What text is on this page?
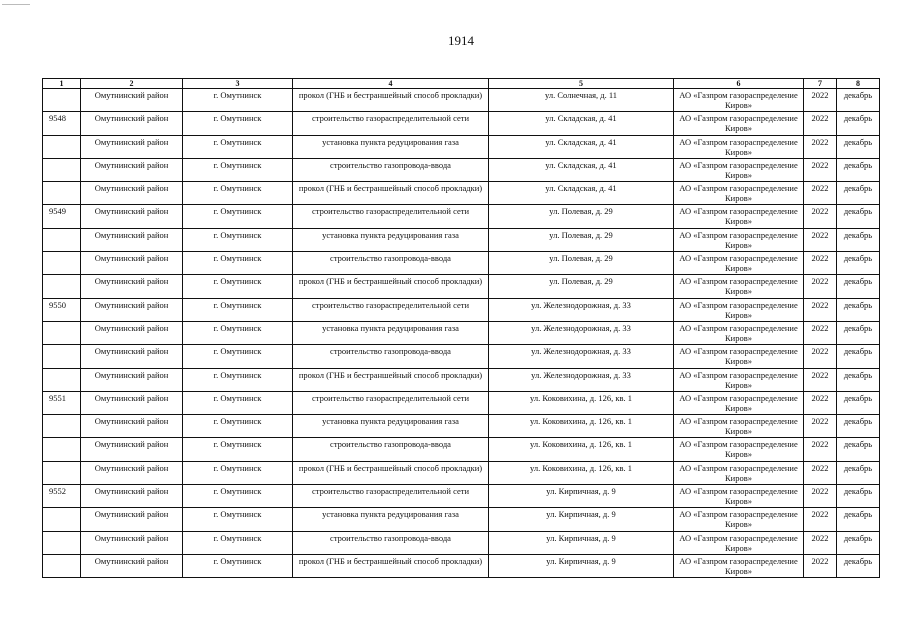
1914
1	2	3	4	5	6	7	8
	Омутнинский район	г. Омутнинск	прокол (ГНБ и бестраншейный способ прокладки)	ул. Солнечная, д. 11	АО «Газпром газораспределение Киров»	2022	декабрь
9548	Омутнинский район	г. Омутнинск	строительство газораспределительной сети	ул. Складская, д. 41	АО «Газпром газораспределение Киров»	2022	декабрь
	Омутнинский район	г. Омутнинск	установка пункта редуцирования газа	ул. Складская, д. 41	АО «Газпром газораспределение Киров»	2022	декабрь
	Омутнинский район	г. Омутнинск	строительство газопровода-ввода	ул. Складская, д. 41	АО «Газпром газораспределение Киров»	2022	декабрь
	Омутнинский район	г. Омутнинск	прокол (ГНБ и бестраншейный способ прокладки)	ул. Складская, д. 41	АО «Газпром газораспределение Киров»	2022	декабрь
9549	Омутнинский район	г. Омутнинск	строительство газораспределительной сети	ул. Полевая, д. 29	АО «Газпром газораспределение Киров»	2022	декабрь
	Омутнинский район	г. Омутнинск	установка пункта редуцирования газа	ул. Полевая, д. 29	АО «Газпром газораспределение Киров»	2022	декабрь
	Омутнинский район	г. Омутнинск	строительство газопровода-ввода	ул. Полевая, д. 29	АО «Газпром газораспределение Киров»	2022	декабрь
	Омутнинский район	г. Омутнинск	прокол (ГНБ и бестраншейный способ прокладки)	ул. Полевая, д. 29	АО «Газпром газораспределение Киров»	2022	декабрь
9550	Омутнинский район	г. Омутнинск	строительство газораспределительной сети	ул. Железнодорожная, д. 33	АО «Газпром газораспределение Киров»	2022	декабрь
	Омутнинский район	г. Омутнинск	установка пункта редуцирования газа	ул. Железнодорожная, д. 33	АО «Газпром газораспределение Киров»	2022	декабрь
	Омутнинский район	г. Омутнинск	строительство газопровода-ввода	ул. Железнодорожная, д. 33	АО «Газпром газораспределение Киров»	2022	декабрь
	Омутнинский район	г. Омутнинск	прокол (ГНБ и бестраншейный способ прокладки)	ул. Железнодорожная, д. 33	АО «Газпром газораспределение Киров»	2022	декабрь
9551	Омутнинский район	г. Омутнинск	строительство газораспределительной сети	ул. Коковихина, д. 126, кв. 1	АО «Газпром газораспределение Киров»	2022	декабрь
	Омутнинский район	г. Омутнинск	установка пункта редуцирования газа	ул. Коковихина, д. 126, кв. 1	АО «Газпром газораспределение Киров»	2022	декабрь
	Омутнинский район	г. Омутнинск	строительство газопровода-ввода	ул. Коковихина, д. 126, кв. 1	АО «Газпром газораспределение Киров»	2022	декабрь
	Омутнинский район	г. Омутнинск	прокол (ГНБ и бестраншейный способ прокладки)	ул. Коковихина, д. 126, кв. 1	АО «Газпром газораспределение Киров»	2022	декабрь
9552	Омутнинский район	г. Омутнинск	строительство газораспределительной сети	ул. Кирпичная, д. 9	АО «Газпром газораспределение Киров»	2022	декабрь
	Омутнинский район	г. Омутнинск	установка пункта редуцирования газа	ул. Кирпичная, д. 9	АО «Газпром газораспределение Киров»	2022	декабрь
	Омутнинский район	г. Омутнинск	строительство газопровода-ввода	ул. Кирпичная, д. 9	АО «Газпром газораспределение Киров»	2022	декабрь
	Омутнинский район	г. Омутнинск	прокол (ГНБ и бестраншейный способ прокладки)	ул. Кирпичная, д. 9	АО «Газпром газораспределение Киров»	2022	декабрь
